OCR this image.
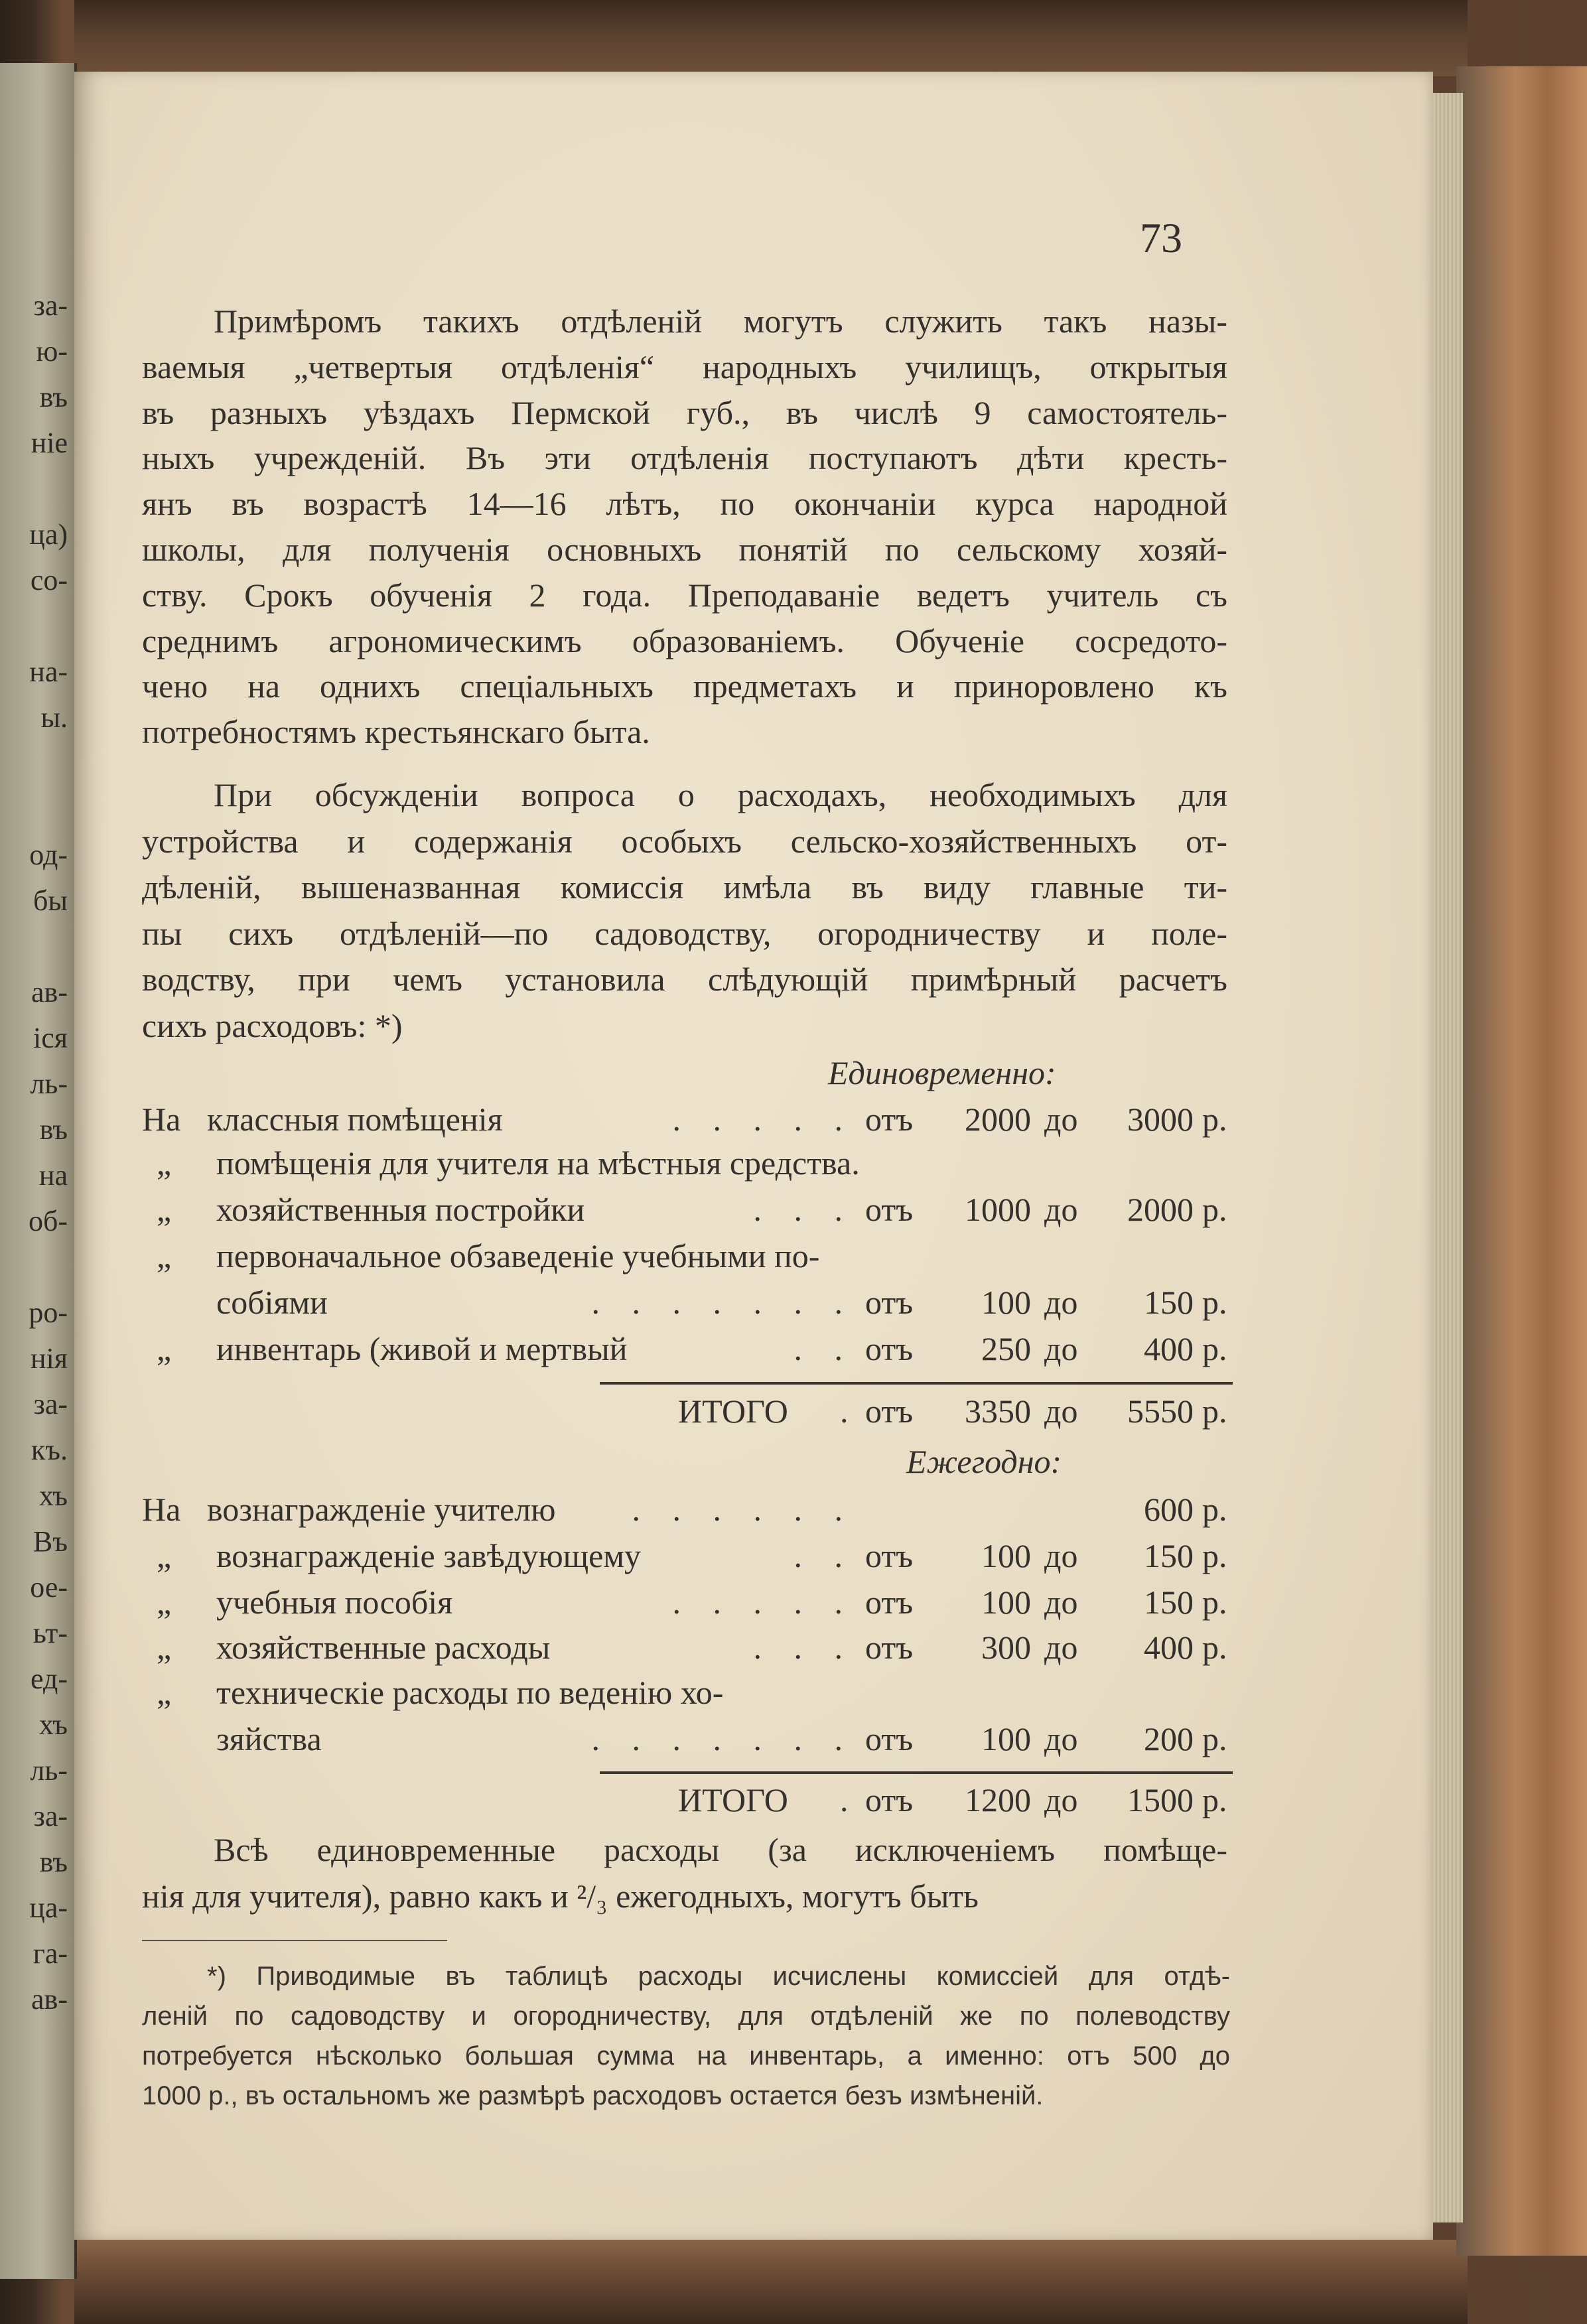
за-
ю-
въ
ніе
ца)
со-
на-
ы.
од-
бы
ав-
іся
ль-
въ
на
об-
ро-
нія
за-
къ.
хъ
Въ
ое-
ьт-
ед-
хъ
ль-
за-
въ
ца-
га-
ав-
73
Примѣромъ такихъ отдѣленій могутъ служить такъ назы-
ваемыя „четвертыя отдѣленія“ народныхъ училищъ, открытыя
въ разныхъ уѣздахъ Пермской губ., въ числѣ 9 самостоятель-
ныхъ учрежденій. Въ эти отдѣленія поступаютъ дѣти кресть-
янъ въ возрастѣ 14—16 лѣтъ, по окончаніи курса народной
школы, для полученія основныхъ понятій по сельскому хозяй-
ству. Срокъ обученія 2 года. Преподаваніе ведетъ учитель съ
среднимъ агрономическимъ образованіемъ. Обученіе сосредото-
чено на однихъ спеціальныхъ предметахъ и приноровлено къ
потребностямъ крестьянскаго быта.
При обсужденіи вопроса о расходахъ, необходимыхъ для
устройства и содержанія особыхъ сельско-хозяйственныхъ от-
дѣленій, вышеназванная комиссія имѣла въ виду главные ти-
пы сихъ отдѣленій—по садоводству, огородничеству и поле-
водству, при чемъ установила слѣдующій примѣрный расчетъ
сихъ расходовъ: *)
Единовременно:
На классныя помѣщенія	. . . . . отъ	2000 до	3000 р.
„ помѣщенія для учителя на мѣстныя средства.
„ хозяйственныя постройки	. . . отъ	1000 до	2000 р.
„ первоначальное обзаведеніе учебными по-
собіями	. . . . . . . отъ	100 до	150 р.
„ инвентарь (живой и мертвый	. . отъ	250 до	400 р.
ИТОГО . отъ	3350 до	5550 р.
Ежегодно:
На вознагражденіе учителю . . . . . .	600 р.
„ вознагражденіе завѣдующему	. . отъ	100 до	150 р.
„ учебныя пособія	. . . . . отъ	100 до	150 р.
„ хозяйственные расходы	. . . отъ	300 до	400 р.
„ техническіе расходы по веденію хо-
зяйства	. . . . . . . отъ	100 до	200 р.
ИТОГО . отъ	1200 до	1500 р.
Всѣ единовременные расходы (за исключеніемъ помѣще-
нія для учителя), равно какъ и ²/₃ ежегодныхъ, могутъ быть
*) Приводимые въ таблицѣ расходы исчислены комиссіей для отдѣ-
леній по садоводству и огородничеству, для отдѣленій же по полеводству
потребуется нѣсколько большая сумма на инвентарь, а именно: отъ 500 до
1000 р., въ остальномъ же размѣрѣ расходовъ остается безъ измѣненій.
